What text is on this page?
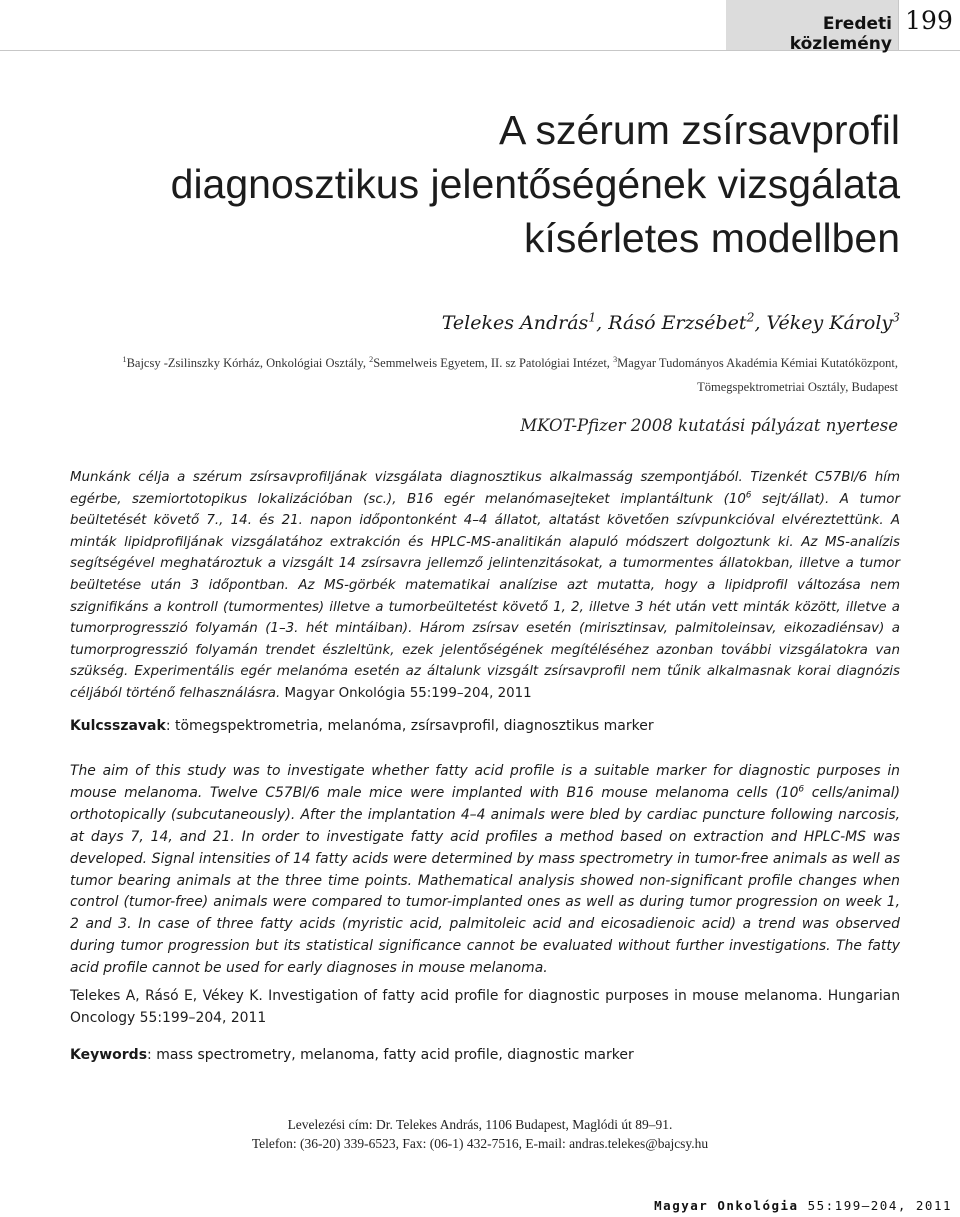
Eredeti közlemény
199
A szérum zsírsavprofil
diagnosztikus jelentőségének vizsgálata
kísérletes modellben
Telekes András$^1$, Rásó Erzsébet$^2$, Vékey Károly$^3$
$^1$Bajcsy -Zsilinszky Kórház, Onkológiai Osztály, $^2$Semmelweis Egyetem, II. sz Patológiai Intézet, $^3$Magyar Tudományos Akadémia Kémiai Kutatóközpont,
Tömegspektrometriai Osztály, Budapest
MKOT-Pfizer 2008 kutatási pályázat nyertese

Munkánk célja a szérum zsírsavprofiljának vizsgálata diagnosztikus alkalmasság szempontjából. Tizenkét C57Bl/6 hím egérbe, szemiortotopikus lokalizációban (sc.), B16 egér melanómasejteket implantáltunk ($10^6$ sejt/állat). A tumor beültetését követő 7., 14. és 21. napon időpontonként 4–4 állatot, altatást követően szívpunkcióval elvéreztettünk. A minták lipidprofiljának vizsgálatához extrakción és HPLC-MS-analitikán alapuló módszert dolgoztunk ki. Az MS-analízis segítségével meghatároztuk a vizsgált 14 zsírsavra jellemző jelintenzitásokat, a tumormentes állatokban, illetve a tumor beültetése után 3 időpontban. Az MS-görbék matematikai analízise azt mutatta, hogy a lipidprofil változása nem szignifikáns a kontroll (tumormentes) illetve a tumorbeültetést követő 1, 2, illetve 3 hét után vett minták között, illetve a tumorprogresszió folyamán (1–3. hét mintáiban). Három zsírsav esetén (mirisztinsav, palmitoleinsav, eikozadiénsav) a tumorprogresszió folyamán trendet észleltünk, ezek jelentőségének megítéléséhez azonban további vizsgálatokra van szükség. Experimentális egér melanóma esetén az általunk vizsgált zsírsavprofil nem tűnik alkalmasnak korai diagnózis céljából történő felhasználásra. Magyar Onkológia 55:199–204, 2011

Kulcsszavak: tömegspektrometria, melanóma, zsírsavprofil, diagnosztikus marker

The aim of this study was to investigate whether fatty acid profile is a suitable marker for diagnostic purposes in mouse melanoma. Twelve C57Bl/6 male mice were implanted with B16 mouse melanoma cells ($10^6$ cells/animal) orthotopically (subcutaneously). After the implantation 4–4 animals were bled by cardiac puncture following narcosis, at days 7, 14, and 21. In order to investigate fatty acid profiles a method based on extraction and HPLC-MS was developed. Signal intensities of 14 fatty acids were determined by mass spectrometry in tumor-free animals as well as tumor bearing animals at the three time points. Mathematical analysis showed non-significant profile changes when control (tumor-free) animals were compared to tumor-implanted ones as well as during tumor progression on week 1, 2 and 3. In case of three fatty acids (myristic acid, palmitoleic acid and eicosadienoic acid) a trend was observed during tumor progression but its statistical significance cannot be evaluated without further investigations. The fatty acid profile cannot be used for early diagnoses in mouse melanoma.

Telekes A, Rásó E, Vékey K. Investigation of fatty acid profile for diagnostic purposes in mouse melanoma. Hungarian Oncology 55:199–204, 2011

Keywords: mass spectrometry, melanoma, fatty acid profile, diagnostic marker
Levelezési cím: Dr. Telekes András, 1106 Budapest, Maglódi út 89–91.
Telefon: (36-20) 339-6523, Fax: (06-1) 432-7516, E-mail: andras.telekes@bajcsy.hu
Magyar Onkológia 55:199–204, 2011
